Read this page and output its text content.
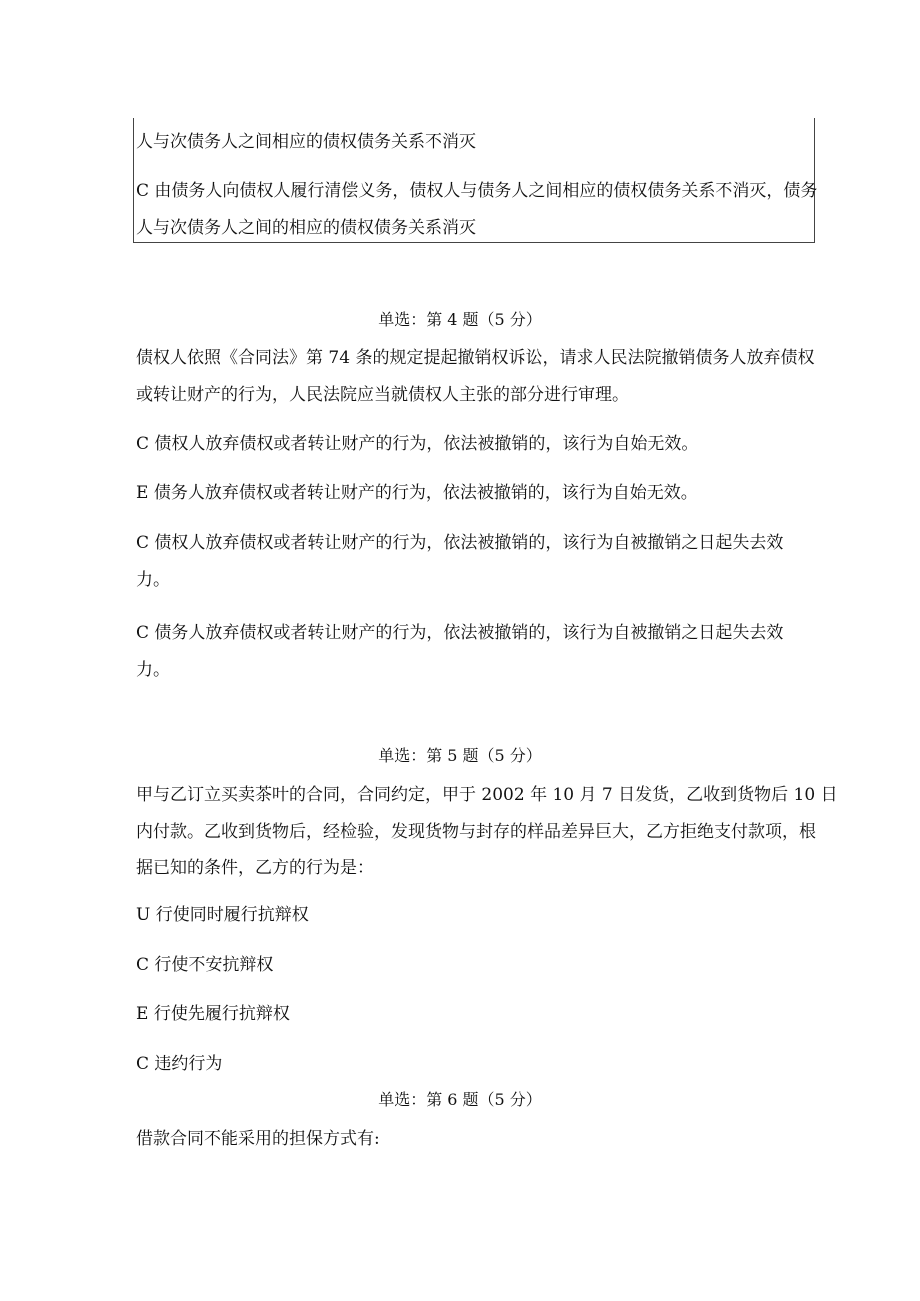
人与次债务人之间相应的债权债务关系不消灭
C 由债务人向债权人履行清偿义务，债权人与债务人之间相应的债权债务关系不消灭，债务
人与次债务人之间的相应的债权债务关系消灭
单选：第 4 题（5 分）
债权人依照《合同法》第 74 条的规定提起撤销权诉讼，请求人民法院撤销债务人放弃债权
或转让财产的行为，人民法院应当就债权人主张的部分进行审理。
C 债权人放弃债权或者转让财产的行为，依法被撤销的，该行为自始无效。
E 债务人放弃债权或者转让财产的行为，依法被撤销的，该行为自始无效。
C 债权人放弃债权或者转让财产的行为，依法被撤销的，该行为自被撤销之日起失去效
力。
C 债务人放弃债权或者转让财产的行为，依法被撤销的，该行为自被撤销之日起失去效
力。
单选：第 5 题（5 分）
甲与乙订立买卖茶叶的合同，合同约定，甲于 2002 年 10 月 7 日发货，乙收到货物后 10 日
内付款。乙收到货物后，经检验，发现货物与封存的样品差异巨大，乙方拒绝支付款项，根
据已知的条件，乙方的行为是：
U 行使同时履行抗辩权
C 行使不安抗辩权
E 行使先履行抗辩权
C 违约行为
单选：第 6 题（5 分）
借款合同不能采用的担保方式有:
